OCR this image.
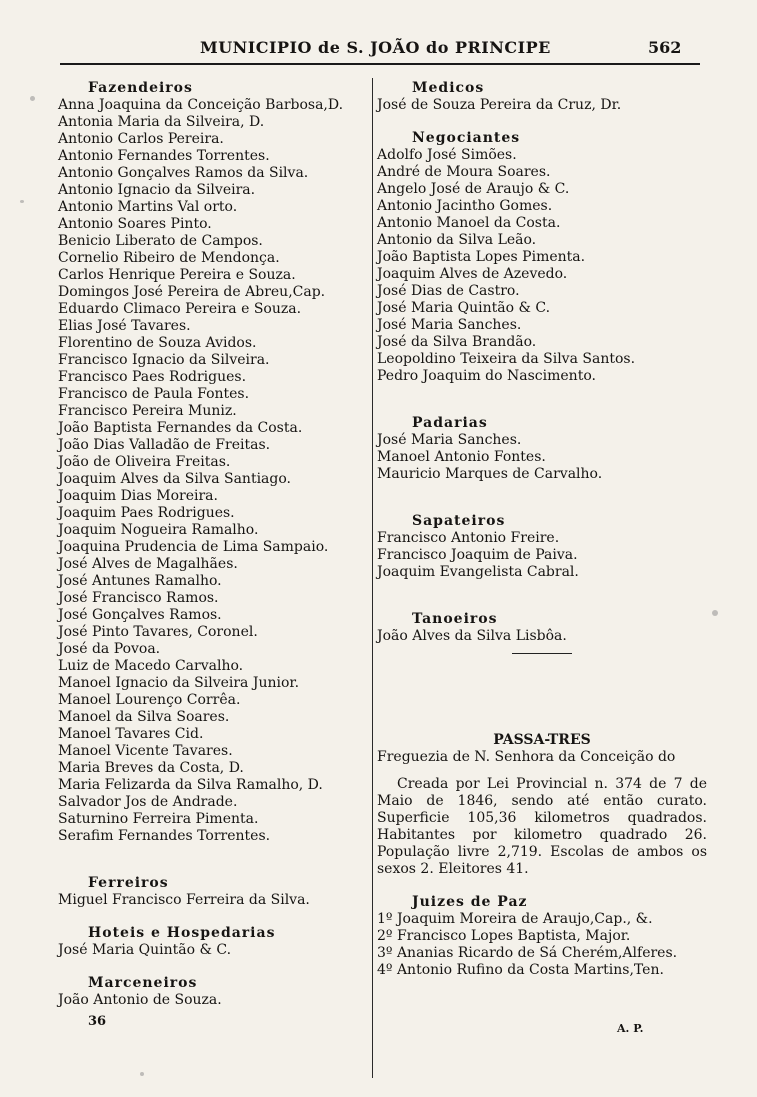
MUNICIPIO de S. JOÃO do PRINCIPE	562
Fazendeiros
Anna Joaquina da Conceição Barbosa,D.
Antonia Maria da Silveira, D.
Antonio Carlos Pereira.
Antonio Fernandes Torrentes.
Antonio Gonçalves Ramos da Silva.
Antonio Ignacio da Silveira.
Antonio Martins Val orto.
Antonio Soares Pinto.
Benicio Liberato de Campos.
Cornelio Ribeiro de Mendonça.
Carlos Henrique Pereira e Souza.
Domingos José Pereira de Abreu,Cap.
Eduardo Climaco Pereira e Souza.
Elias José Tavares.
Florentino de Souza Avidos.
Francisco Ignacio da Silveira.
Francisco Paes Rodrigues.
Francisco de Paula Fontes.
Francisco Pereira Muniz.
João Baptista Fernandes da Costa.
João Dias Valladão de Freitas.
João de Oliveira Freitas.
Joaquim Alves da Silva Santiago.
Joaquim Dias Moreira.
Joaquim Paes Rodrigues.
Joaquim Nogueira Ramalho.
Joaquina Prudencia de Lima Sampaio.
José Alves de Magalhães.
José Antunes Ramalho.
José Francisco Ramos.
José Gonçalves Ramos.
José Pinto Tavares, Coronel.
José da Povoa.
Luiz de Macedo Carvalho.
Manoel Ignacio da Silveira Junior.
Manoel Lourenço Corrêa.
Manoel da Silva Soares.
Manoel Tavares Cid.
Manoel Vicente Tavares.
Maria Breves da Costa, D.
Maria Felizarda da Silva Ramalho, D.
Salvador Jos de Andrade.
Saturnino Ferreira Pimenta.
Serafim Fernandes Torrentes.
Ferreiros
Miguel Francisco Ferreira da Silva.
Hoteis e Hospedarias
José Maria Quintão & C.
Marceneiros
João Antonio de Souza.
36
Medicos
José de Souza Pereira da Cruz, Dr.
Negociantes
Adolfo José Simões.
André de Moura Soares.
Angelo José de Araujo & C.
Antonio Jacintho Gomes.
Antonio Manoel da Costa.
Antonio da Silva Leão.
João Baptista Lopes Pimenta.
Joaquim Alves de Azevedo.
José Dias de Castro.
José Maria Quintão & C.
José Maria Sanches.
José da Silva Brandão.
Leopoldino Teixeira da Silva Santos.
Pedro Joaquim do Nascimento.
Padarias
José Maria Sanches.
Manoel Antonio Fontes.
Mauricio Marques de Carvalho.
Sapateiros
Francisco Antonio Freire.
Francisco Joaquim de Paiva.
Joaquim Evangelista Cabral.
Tanoeiros
João Alves da Silva Lisbôa.
PASSA-TRES
Freguezia de N. Senhora da Conceição do
Creada por Lei Provincial n. 374 de 7 de Maio de 1846, sendo até então curato. Superficie 105,36 kilometros quadrados. Habitantes por kilometro quadrado 26. População livre 2,719. Escolas de ambos os sexos 2. Eleitores 41.
Juizes de Paz
1º Joaquim Moreira de Araujo,Cap., &.
2º Francisco Lopes Baptista, Major.
3º Ananias Ricardo de Sá Cherém,Alferes.
4º Antonio Rufino da Costa Martins,Ten.
A. P.
